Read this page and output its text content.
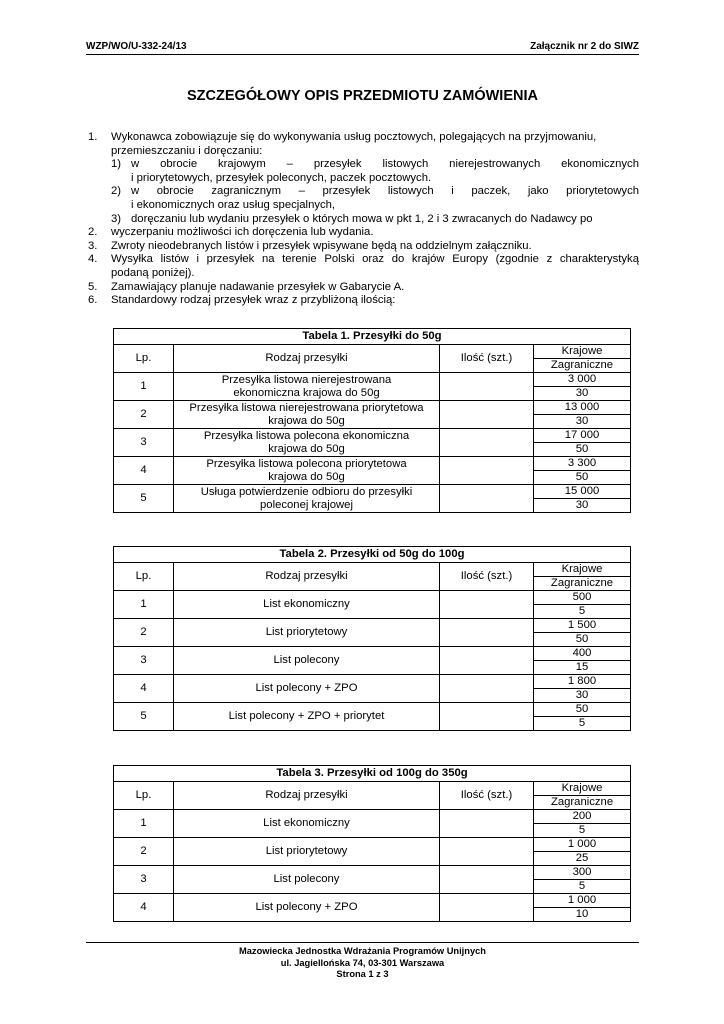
WZP/WO/U-332-24/13	Załącznik nr 2 do SIWZ
SZCZEGÓŁOWY OPIS PRZEDMIOTU ZAMÓWIENIA
1. Wykonawca zobowiązuje się do wykonywania usług pocztowych, polegających na przyjmowaniu,
przemieszczaniu i doręczaniu:
1) w obrocie krajowym – przesyłek listowych nierejestrowanych ekonomicznych
i priorytetowych, przesyłek poleconych, paczek pocztowych.
2) w obrocie zagranicznym – przesyłek listowych i paczek, jako priorytetowych
i ekonomicznych oraz usług specjalnych,
3) doręczaniu lub wydaniu przesyłek o których mowa w pkt 1, 2 i 3 zwracanych do Nadawcy po
2. wyczerpaniu możliwości ich doręczenia lub wydania.
3. Zwroty nieodebranych listów i przesyłek wpisywane będą na oddzielnym załączniku.
4. Wysyłka listów i przesyłek na terenie Polski oraz do krajów Europy (zgodnie z charakterystyką
podaną poniżej).
5. Zamawiający planuje nadawanie przesyłek w Gabarycie A.
6. Standardowy rodzaj przesyłek wraz z przybliżoną ilością:
Tabela 1. Przesyłki do 50g			
Lp.	Rodzaj przesyłki	Ilość (szt.)	Krajowe
			Zagraniczne
1	Przesyłka listowa nierejestrowana
ekonomiczna krajowa do 50g		3 000
			30
2	Przesyłka listowa nierejestrowana priorytetowa
krajowa do 50g		13 000
			30
3	Przesyłka listowa polecona ekonomiczna
krajowa do 50g		17 000
			50
4	Przesyłka listowa polecona priorytetowa
krajowa do 50g		3 300
			50
5	Usługa potwierdzenie odbioru do przesyłki
poleconej krajowej		15 000
			30
Tabela 2. Przesyłki od 50g do 100g			
Lp.	Rodzaj przesyłki	Ilość (szt.)	Krajowe
			Zagraniczne
1	List ekonomiczny		500
			5
2	List priorytetowy		1 500
			50
3	List polecony		400
			15
4	List polecony + ZPO		1 800
			30
5	List polecony + ZPO + priorytet		50
			5
Tabela 3. Przesyłki od 100g do 350g			
Lp.	Rodzaj przesyłki	Ilość (szt.)	Krajowe
			Zagraniczne
1	List ekonomiczny		200
			5
2	List priorytetowy		1 000
			25
3	List polecony		300
			5
4	List polecony + ZPO		1 000
			10
Mazowiecka Jednostka Wdrażania Programów Unijnych
ul. Jagiellońska 74, 03-301 Warszawa
Strona 1 z 3
